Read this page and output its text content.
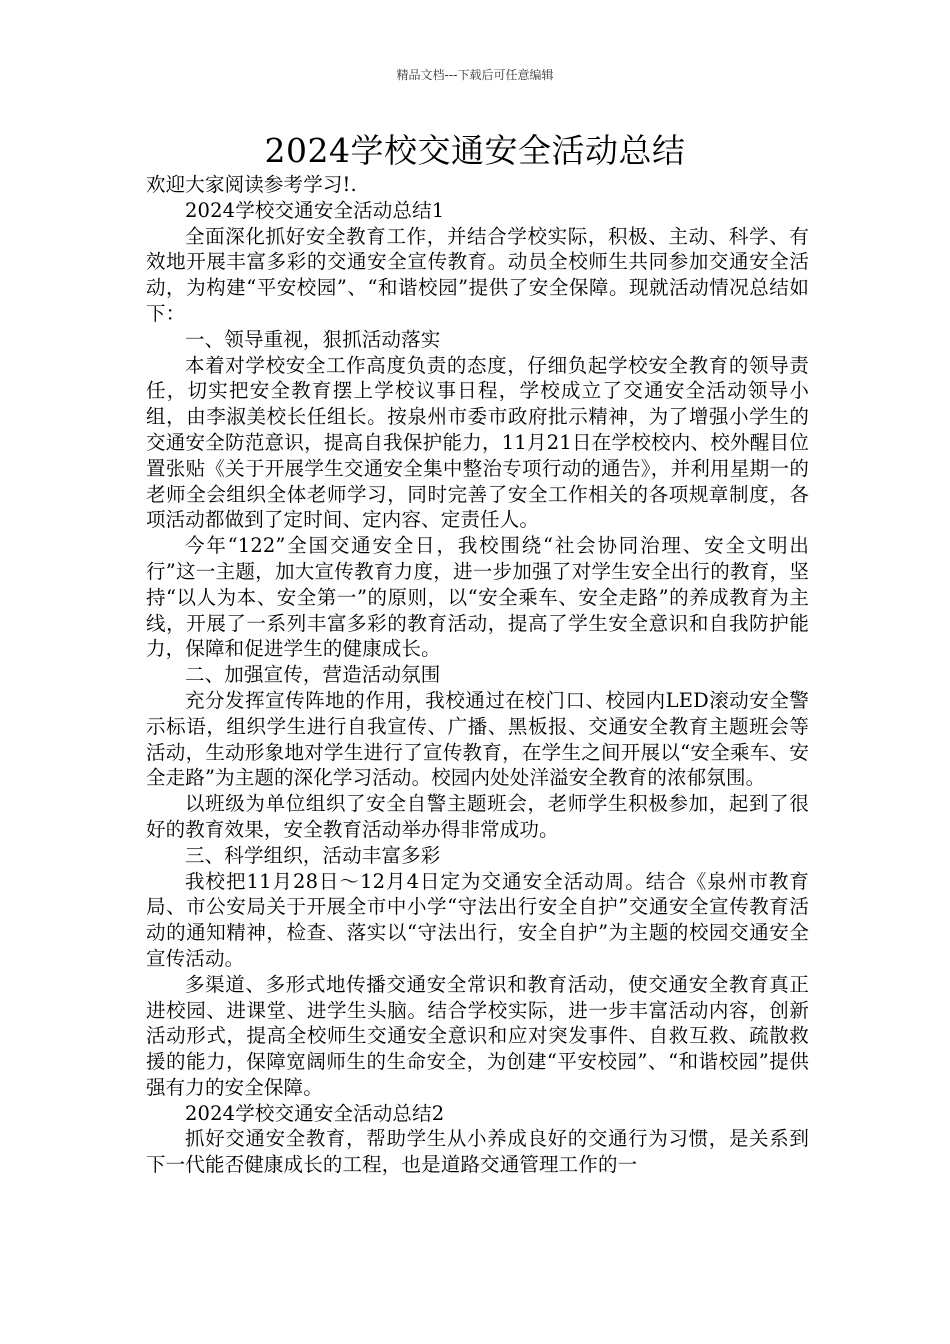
精品文档---下载后可任意编辑
2024学校交通安全活动总结

欢迎大家阅读参考学习!.

2024学校交通安全活动总结1

全面深化抓好安全教育工作，并结合学校实际，积极、主动、科学、有效地开展丰富多彩的交通安全宣传教育。动员全校师生共同参加交通安全活动，为构建“平安校园”、“和谐校园”提供了安全保障。现就活动情况总结如下：

一、领导重视，狠抓活动落实

本着对学校安全工作高度负责的态度，仔细负起学校安全教育的领导责任，切实把安全教育摆上学校议事日程，学校成立了交通安全活动领导小组，由李淑美校长任组长。按泉州市委市政府批示精神，为了增强小学生的交通安全防范意识，提高自我保护能力，11月21日在学校校内、校外醒目位置张贴《关于开展学生交通安全集中整治专项行动的通告》，并利用星期一的老师全会组织全体老师学习，同时完善了安全工作相关的各项规章制度，各项活动都做到了定时间、定内容、定责任人。

今年“122”全国交通安全日，我校围绕“社会协同治理、安全文明出行”这一主题，加大宣传教育力度，进一步加强了对学生安全出行的教育，坚持“以人为本、安全第一”的原则，以“安全乘车、安全走路”的养成教育为主线，开展了一系列丰富多彩的教育活动，提高了学生安全意识和自我防护能力，保障和促进学生的健康成长。

二、加强宣传，营造活动氛围

充分发挥宣传阵地的作用，我校通过在校门口、校园内LED滚动安全警示标语，组织学生进行自我宣传、广播、黑板报、交通安全教育主题班会等活动，生动形象地对学生进行了宣传教育，在学生之间开展以“安全乘车、安全走路”为主题的深化学习活动。校园内处处洋溢安全教育的浓郁氛围。

以班级为单位组织了安全自警主题班会，老师学生积极参加，起到了很好的教育效果，安全教育活动举办得非常成功。

三、科学组织，活动丰富多彩

我校把11月28日～12月4日定为交通安全活动周。结合《泉州市教育局、市公安局关于开展全市中小学“守法出行安全自护”交通安全宣传教育活动的通知精神，检查、落实以“守法出行，安全自护”为主题的校园交通安全宣传活动。

多渠道、多形式地传播交通安全常识和教育活动，使交通安全教育真正进校园、进课堂、进学生头脑。结合学校实际，进一步丰富活动内容，创新活动形式，提高全校师生交通安全意识和应对突发事件、自救互救、疏散救援的能力，保障宽阔师生的生命安全，为创建“平安校园”、“和谐校园”提供强有力的安全保障。

2024学校交通安全活动总结2

抓好交通安全教育，帮助学生从小养成良好的交通行为习惯，是关系到下一代能否健康成长的工程，也是道路交通管理工作的一
